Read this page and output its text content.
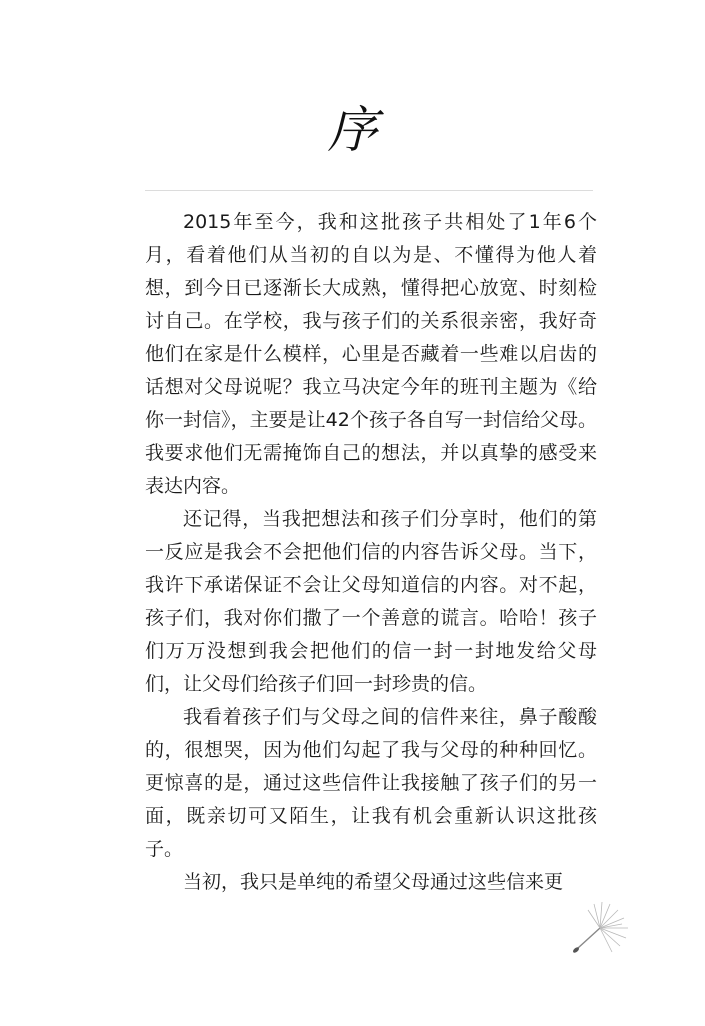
序

2015年至今，我和这批孩子共相处了1年6个月，看着他们从当初的自以为是、不懂得为他人着想，到今日已逐渐长大成熟，懂得把心放宽、时刻检讨自己。在学校，我与孩子们的关系很亲密，我好奇他们在家是什么模样，心里是否藏着一些难以启齿的话想对父母说呢？我立马决定今年的班刊主题为《给你一封信》，主要是让42个孩子各自写一封信给父母。我要求他们无需掩饰自己的想法，并以真挚的感受来表达内容。

还记得，当我把想法和孩子们分享时，他们的第一反应是我会不会把他们信的内容告诉父母。当下，我许下承诺保证不会让父母知道信的内容。对不起，孩子们，我对你们撒了一个善意的谎言。哈哈！孩子们万万没想到我会把他们的信一封一封地发给父母们，让父母们给孩子们回一封珍贵的信。

我看着孩子们与父母之间的信件来往，鼻子酸酸的，很想哭，因为他们勾起了我与父母的种种回忆。更惊喜的是，通过这些信件让我接触了孩子们的另一面，既亲切可又陌生，让我有机会重新认识这批孩子。

当初，我只是单纯的希望父母通过这些信来更
